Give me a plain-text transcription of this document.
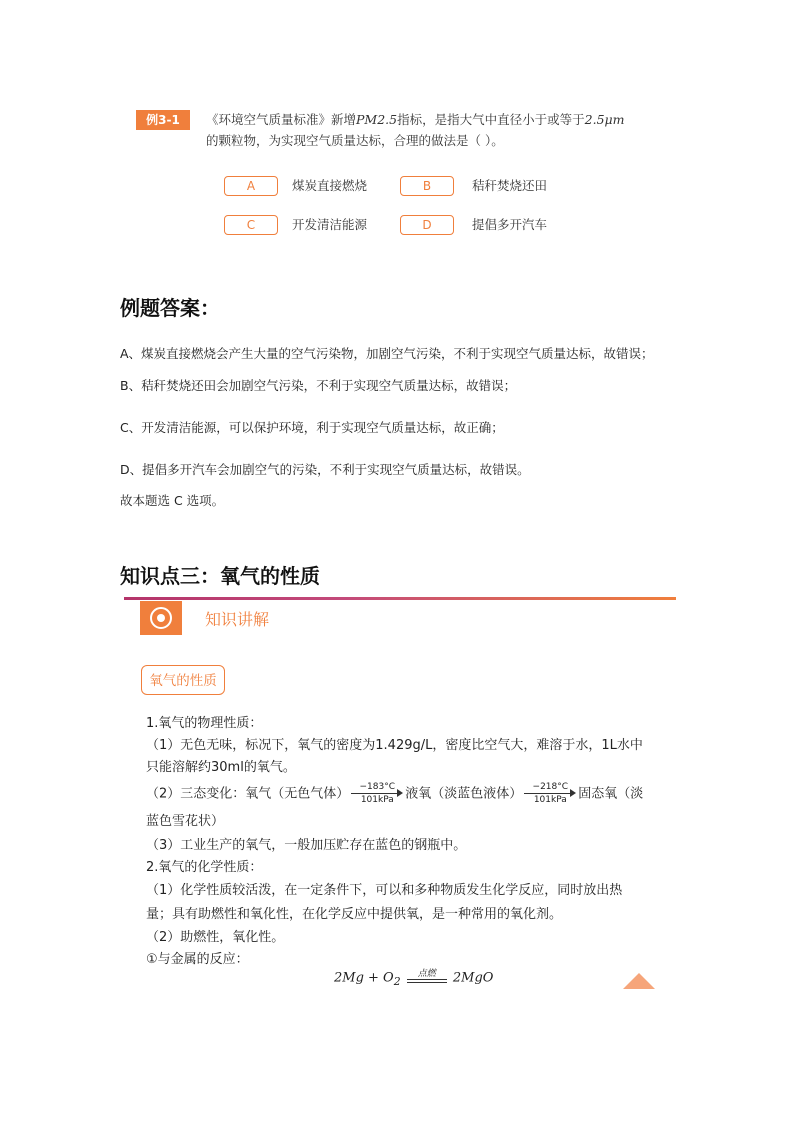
例3-1	《环境空气质量标准》新增PM2.5指标，是指大气中直径小于或等于2.5μm
的颗粒物，为实现空气质量达标，合理的做法是（ ）。
A	煤炭直接燃烧	B	秸秆焚烧还田
C	开发清洁能源	D	提倡多开汽车
例题答案：
A、煤炭直接燃烧会产生大量的空气污染物，加剧空气污染，不利于实现空气质量达标，故错误；
B、秸秆焚烧还田会加剧空气污染，不利于实现空气质量达标，故错误；
C、开发清洁能源，可以保护环境，利于实现空气质量达标，故正确；
D、提倡多开汽车会加剧空气的污染，不利于实现空气质量达标，故错误。
故本题选 C 选项。
知识点三：氧气的性质
知识讲解
氧气的性质
1.氧气的物理性质：
（1）无色无味，标况下，氧气的密度为1.429g/L，密度比空气大，难溶于水，1L水中
只能溶解约30ml的氧气。
（2）三态变化：氧气（无色气体）	−183°C
101kPa 液氧（淡蓝色液体）	−218°C
101kPa 固态氧（淡
蓝色雪花状）
（3）工业生产的氧气，一般加压贮存在蓝色的钢瓶中。
2.氧气的化学性质：
（1）化学性质较活泼，在一定条件下，可以和多种物质发生化学反应，同时放出热
量；具有助燃性和氧化性，在化学反应中提供氧，是一种常用的氧化剂。
（2）助燃性，氧化性。
①与金属的反应：
$2Mg + O_2$
点燃	2MgO
